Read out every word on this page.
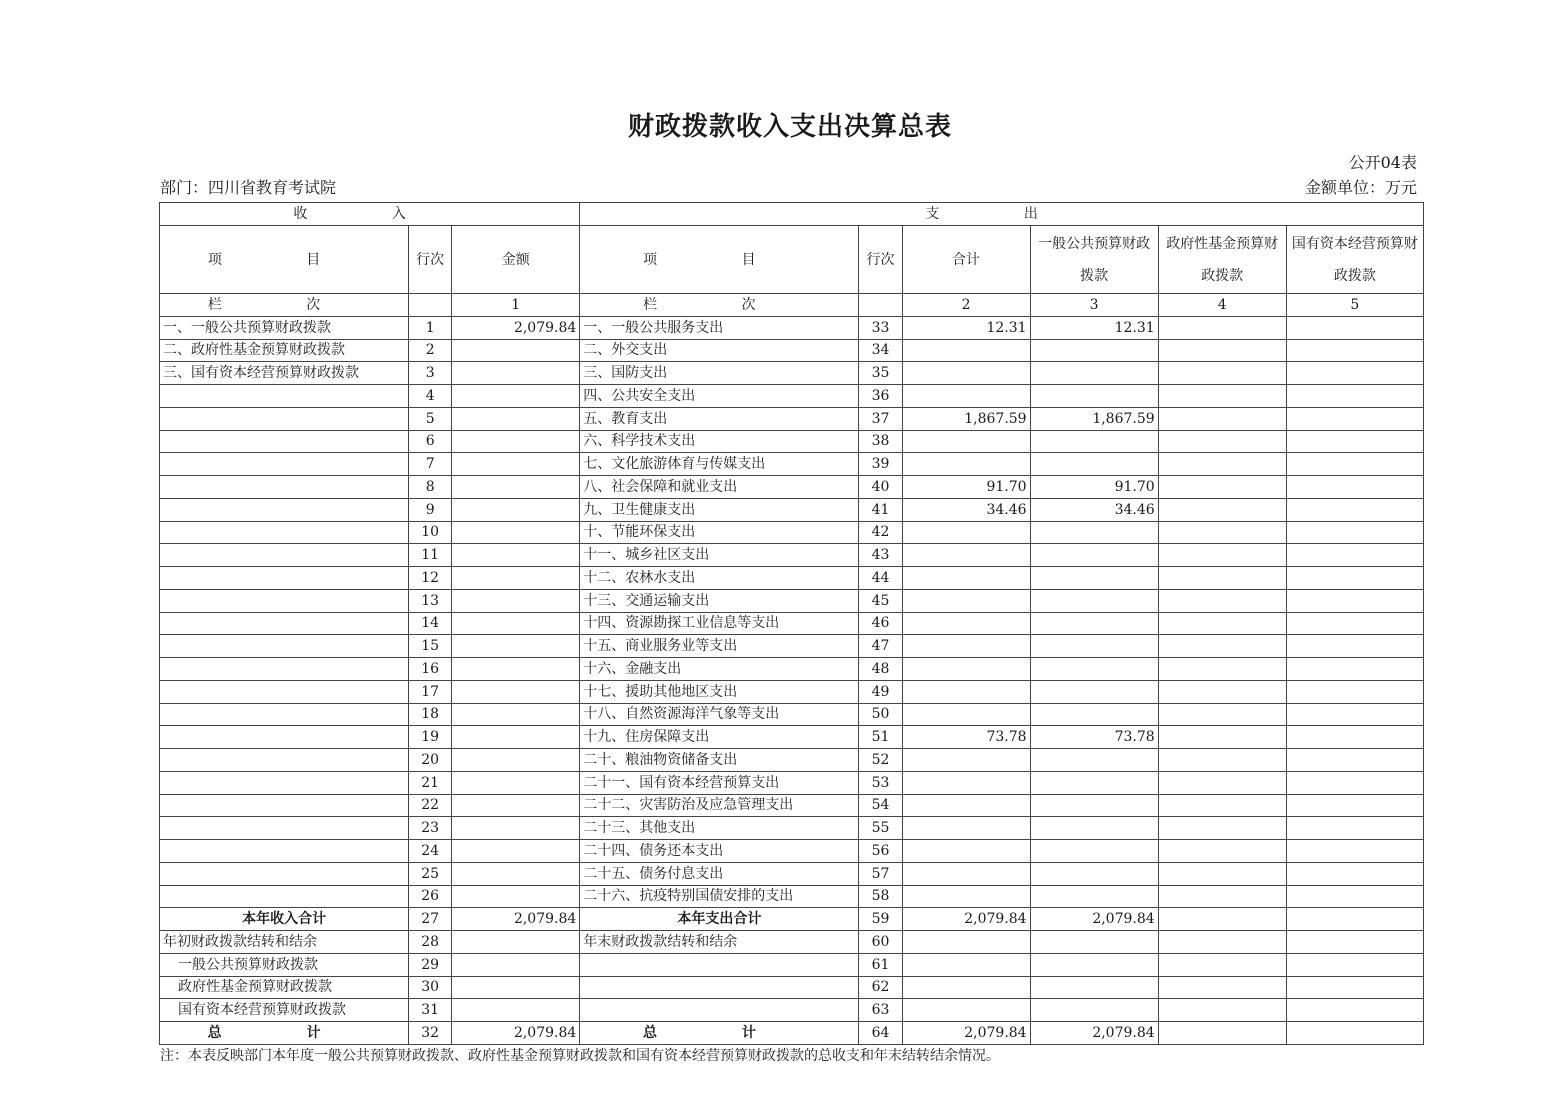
财政拨款收入支出决算总表
公开04表
部门：四川省教育考试院	金额单位：万元
收 入			支 出					
项 目	行次	金额	项 目	行次	合计	一般公共预算财政拨款	政府性基金预算财政拨款	国有资本经营预算财政拨款
栏 次		1	栏 次		2	3	4	5
一、一般公共预算财政拨款	1	2,079.84	一、一般公共服务支出	33	12.31	12.31		
二、政府性基金预算财政拨款	2		二、外交支出	34				
三、国有资本经营预算财政拨款	3		三、国防支出	35				
	4		四、公共安全支出	36				
	5		五、教育支出	37	1,867.59	1,867.59		
	6		六、科学技术支出	38				
	7		七、文化旅游体育与传媒支出	39				
	8		八、社会保障和就业支出	40	91.70	91.70		
	9		九、卫生健康支出	41	34.46	34.46		
	10		十、节能环保支出	42				
	11		十一、城乡社区支出	43				
	12		十二、农林水支出	44				
	13		十三、交通运输支出	45				
	14		十四、资源勘探工业信息等支出	46				
	15		十五、商业服务业等支出	47				
	16		十六、金融支出	48				
	17		十七、援助其他地区支出	49				
	18		十八、自然资源海洋气象等支出	50				
	19		十九、住房保障支出	51	73.78	73.78		
	20		二十、粮油物资储备支出	52				
	21		二十一、国有资本经营预算支出	53				
	22		二十二、灾害防治及应急管理支出	54				
	23		二十三、其他支出	55				
	24		二十四、债务还本支出	56				
	25		二十五、债务付息支出	57				
	26		二十六、抗疫特别国债安排的支出	58				
本年收入合计	27	2,079.84	本年支出合计	59	2,079.84	2,079.84		
年初财政拨款结转和结余	28		年末财政拨款结转和结余	60				
一般公共预算财政拨款	29			61				
政府性基金预算财政拨款	30			62				
国有资本经营预算财政拨款	31			63				
总 计	32	2,079.84	总 计	64	2,079.84	2,079.84		
注：本表反映部门本年度一般公共预算财政拨款、政府性基金预算财政拨款和国有资本经营预算财政拨款的总收支和年末结转结余情况。
